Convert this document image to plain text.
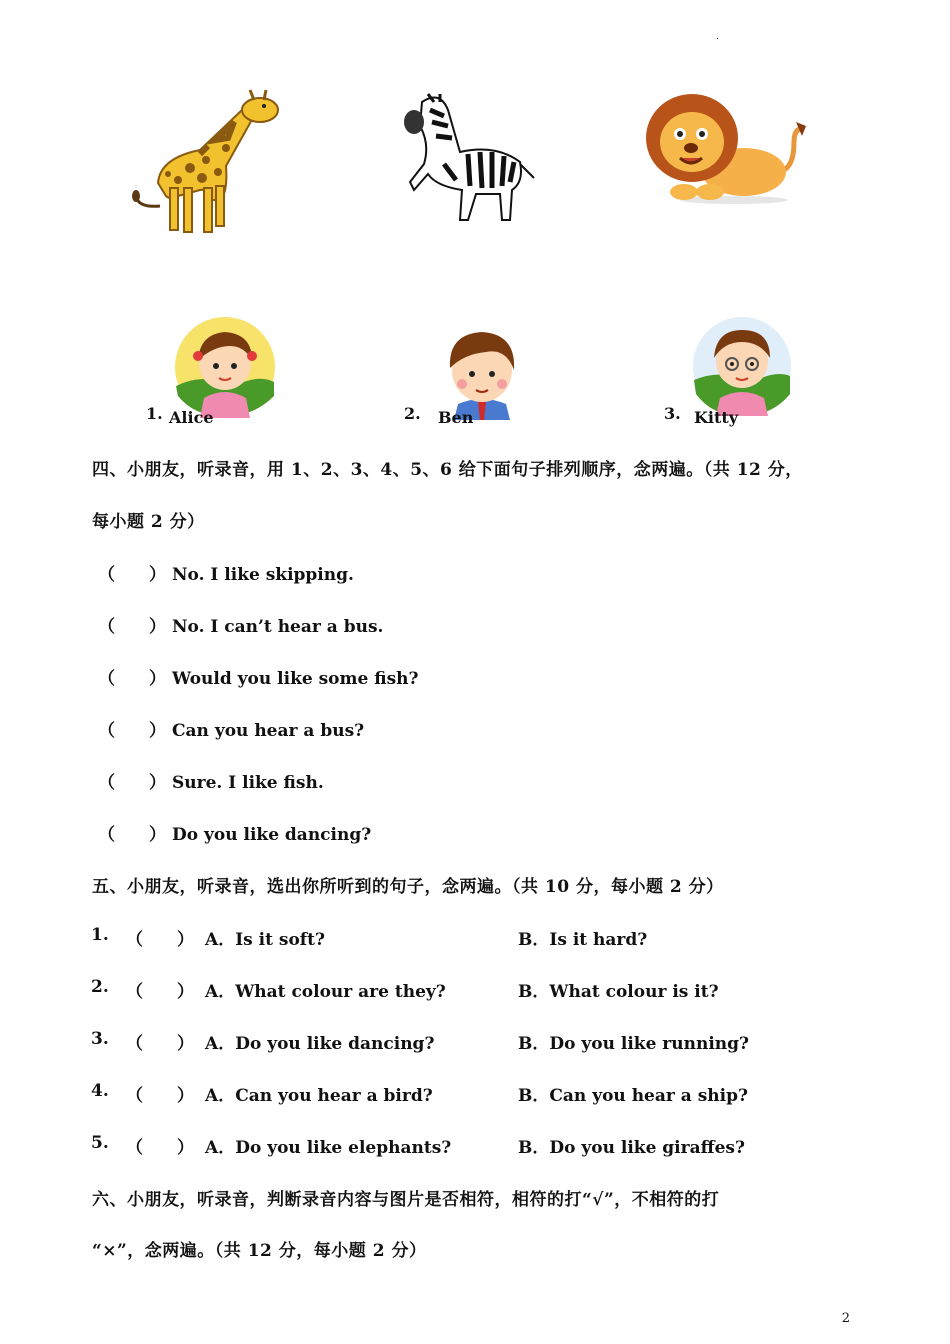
.
1. Alice	2. Ben	3. Kitty
四、小朋友，听录音，用 1、2、3、4、5、6 给下面句子排列顺序，念两遍。（共 12 分，
每小题 2 分）
（ ） No. I like skipping.
（ ） No. I can’t hear a bus.
（ ） Would you like some fish?
（ ） Can you hear a bus?
（ ） Sure. I like fish.
（ ） Do you like dancing?
五、小朋友，听录音，选出你所听到的句子，念两遍。（共 10 分，每小题 2 分）
1. （ ） A．Is it soft?	B．Is it hard?
2. （ ） A．What colour are they?	B．What colour is it?
3. （ ） A．Do you like dancing?	B．Do you like running?
4. （ ） A．Can you hear a bird?	B．Can you hear a ship?
5. （ ） A．Do you like elephants?	B．Do you like giraffes?
六、小朋友，听录音，判断录音内容与图片是否相符，相符的打“√”，不相符的打
“×”，念两遍。（共 12 分，每小题 2 分）
2
